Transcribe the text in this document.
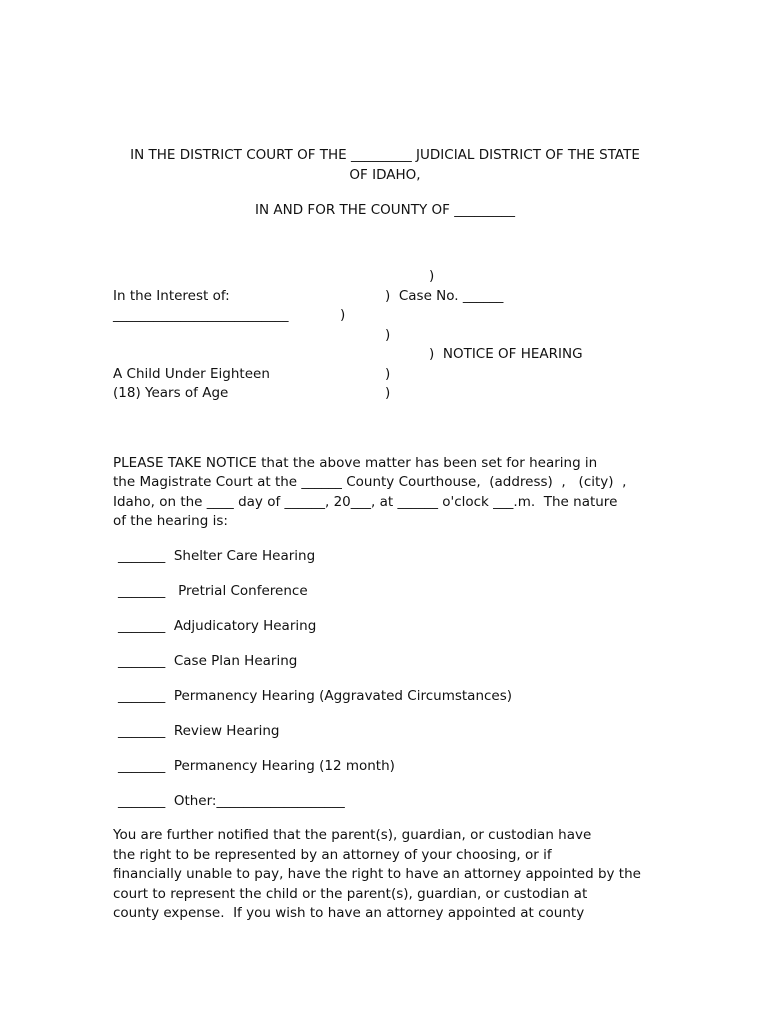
IN THE DISTRICT COURT OF THE _________ JUDICIAL DISTRICT OF THE STATE
OF IDAHO,
IN AND FOR THE COUNTY OF _________
)
In the Interest of:	)  Case No. ______
__________________________	)
)
)  NOTICE OF HEARING
A Child Under Eighteen	)
(18) Years of Age	)
PLEASE TAKE NOTICE that the above matter has been set for hearing in
the Magistrate Court at the ______ County Courthouse,  (address)  ,   (city)  ,
Idaho, on the ____ day of ______, 20___, at ______ o'clock ___.m.  The nature
of the hearing is:
_______  Shelter Care Hearing
_______   Pretrial Conference
_______  Adjudicatory Hearing
_______  Case Plan Hearing
_______  Permanency Hearing (Aggravated Circumstances)
_______  Review Hearing
_______  Permanency Hearing (12 month)
_______  Other:___________________
You are further notified that the parent(s), guardian, or custodian have
the right to be represented by an attorney of your choosing, or if
financially unable to pay, have the right to have an attorney appointed by the
court to represent the child or the parent(s), guardian, or custodian at
county expense.  If you wish to have an attorney appointed at county
